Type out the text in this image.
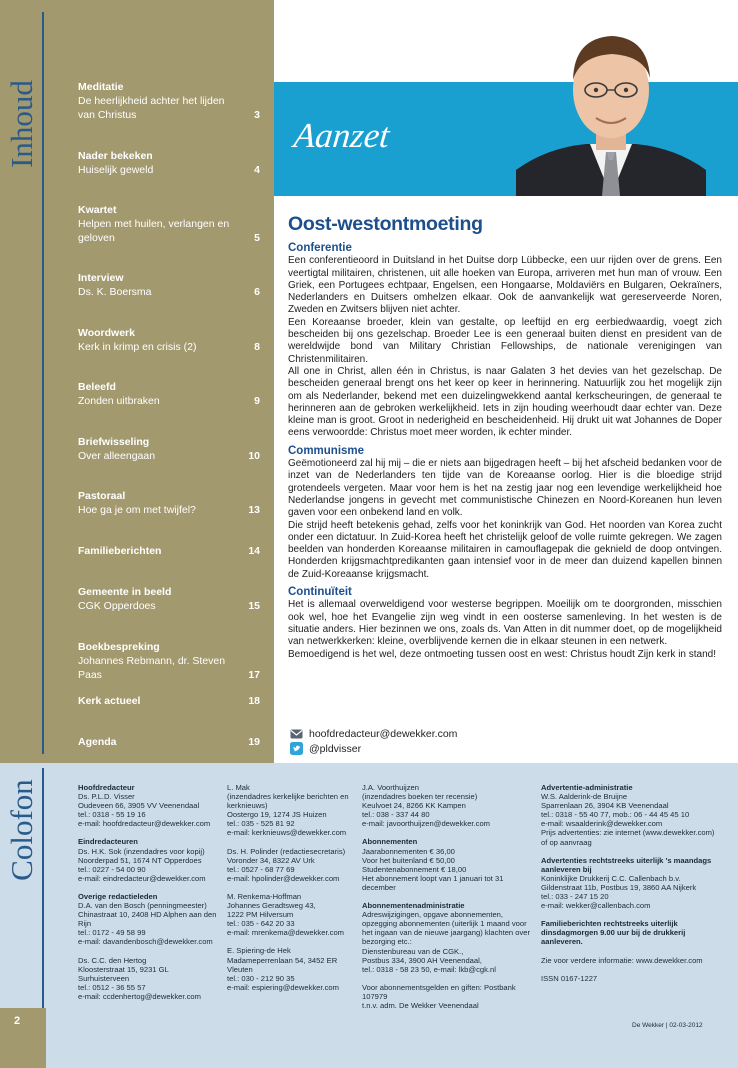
Inhoud	Meditatie
De heerlijkheid achter het lijden van Christus	3
Nader bekeken
Huiselijk geweld	4
Kwartet
Helpen met huilen, verlangen en geloven	5
Interview
Ds. K. Boersma	6
Woordwerk
Kerk in krimp en crisis (2)	8
Beleefd
Zonden uitbraken	9
Briefwisseling
Over alleengaan	10
Pastoraal
Hoe ga je om met twijfel?	13
Familieberichten	14
Gemeente in beeld
CGK Opperdoes	15
Boekbespreking
Johannes Rebmann, dr. Steven Paas	17
Kerk actueel	18
Agenda	19
Aanzet
Oost-westontmoeting
Conferentie

Een conferentieoord in Duitsland in het Duitse dorp Lübbecke, een uur rijden over de grens. Een veertigtal militairen, christenen, uit alle hoeken van Europa, arriveren met hun man of vrouw. Een Griek, een Portugees echtpaar, Engelsen, een Hongaarse, Moldaviërs en Bulgaren, Oekraïners, Nederlanders en Duitsers omhelzen elkaar. Ook de aanvankelijk wat gereserveerde Noren, Zweden en Zwitsers blijven niet achter.

Een Koreaanse broeder, klein van gestalte, op leeftijd en erg eerbiedwaardig, voegt zich bescheiden bij ons gezelschap. Broeder Lee is een generaal buiten dienst en president van de wereldwijde bond van Military Christian Fellowships, de nationale verenigingen van Christenmilitairen.

All one in Christ, allen één in Christus, is naar Galaten 3 het devies van het gezelschap. De bescheiden generaal brengt ons het keer op keer in herinnering. Natuurlijk zou het mogelijk zijn om als Nederlander, bekend met een duizelingwekkend aantal kerkscheuringen, de generaal te herinneren aan de gebroken werkelijkheid. Iets in zijn houding weerhoudt daar echter van. Deze kleine man is groot. Groot in nederigheid en bescheidenheid. Hij drukt uit wat Johannes de Doper eens verwoordde: Christus moet meer worden, ik echter minder.

Communisme

Geëmotioneerd zal hij mij – die er niets aan bijgedragen heeft – bij het afscheid bedanken voor de inzet van de Nederlanders ten tijde van de Koreaanse oorlog. Hier is die bloedige strijd grotendeels vergeten. Maar voor hem is het na zestig jaar nog een levendige werkelijkheid hoe Nederlandse jongens in gevecht met communistische Chinezen en Noord-Koreanen hun leven gaven voor een onbekend land en volk.

Die strijd heeft betekenis gehad, zelfs voor het koninkrijk van God. Het noorden van Korea zucht onder een dictatuur. In Zuid-Korea heeft het christelijk geloof de volle ruimte gekregen. We zagen beelden van honderden Koreaanse militairen in camouflagepak die geknield de doop ontvingen. Honderden krijgsmachtpredikanten gaan intensief voor in de meer dan duizend kapellen binnen de Zuid-Koreaanse krijgsmacht.

Continuïteit

Het is allemaal overweldigend voor westerse begrippen. Moeilijk om te doorgronden, misschien ook wel, hoe het Evangelie zijn weg vindt in een oosterse samenleving. In het westen is de situatie anders. Hier bezinnen we ons, zoals ds. Van Atten in dit nummer doet, op de mogelijkheid van netwerkkerken: kleine, overblijvende kernen die in elkaar steunen in een netwerk.

Bemoedigend is het wel, deze ontmoeting tussen oost en west: Christus houdt Zijn kerk in stand!

hoofdredacteur@dewekker.com
@pldvisser
Colofon	Hoofdredacteur
Ds. P.L.D. Visser
Oudeveen 66, 3905 VV Veenendaal
tel.: 0318 - 55 19 16
e-mail: hoofdredacteur@dewekker.com
Eindredacteuren
Ds. H.K. Sok (inzendadres voor kopij)
Noorderpad 51, 1674 NT Opperdoes
tel.: 0227 - 54 00 90
e-mail: eindredacteur@dewekker.com
Overige redactieleden
D.A. van den Bosch (penningmeester)
Chinastraat 10, 2408 HD Alphen aan den Rijn
tel.: 0172 - 49 58 99
e-mail: davandenbosch@dewekker.com
Ds. C.C. den Hertog
Kloosterstraat 15, 9231 GL Surhuisterveen
tel.: 0512 - 36 55 57
e-mail: ccdenhertog@dewekker.com
L. Mak
(inzendadres kerkelijke berichten en kerknieuws)
Oostergo 19, 1274 JS Huizen
tel.: 035 - 525 81 92
e-mail: kerknieuws@dewekker.com
Ds. H. Polinder (redactiesecretaris)
Voronder 34, 8322 AV Urk
tel.: 0527 - 68 77 69
e-mail: hpolinder@dewekker.com
M. Renkema-Hoffman
Johannes Geradtsweg 43,
1222 PM Hilversum
tel.: 035 - 642 20 33
e-mail: mrenkema@dewekker.com
E. Spiering-de Hek
Madameperrenlaan 54, 3452 ER Vleuten
tel.: 030 - 212 90 35
e-mail: espiering@dewekker.com
J.A. Voorthuijzen
(inzendadres boeken ter recensie)
Keulvoet 24, 8266 KK Kampen
tel.: 038 - 337 44 80
e-mail: javoorthuijzen@dewekker.com
Abonnementen
Jaarabonnementen € 36,00
Voor het buitenland € 50,00
Studentenabonnement € 18,00
Het abonnement loopt van 1 januari tot 31 december
Abonnementenadministratie
Adreswijzigingen, opgave abonnementen, opzegging abonnementen (uiterlijk 1 maand voor het ingaan van de nieuwe jaargang) klachten over bezorging etc.:
Dienstenbureau van de CGK.,
Postbus 334, 3900 AH Veenendaal,
tel.: 0318 - 58 23 50, e-mail: lkb@cgk.nl
Voor abonnementsgelden en giften: Postbank 107979
t.n.v. adm. De Wekker Veenendaal
Advertentie-administratie
W.S. Aalderink-de Bruijne
Sparrenlaan 26, 3904 KB Veenendaal
tel.: 0318 - 55 40 77, mob.: 06 - 44 45 45 10
e-mail: wsaalderink@dewekker.com
Prijs advertenties: zie internet (www.dewekker.com) of op aanvraag
Advertenties rechtstreeks uiterlijk 's maandags aanleveren bij
Koninklijke Drukkerij C.C. Callenbach b.v.
Gildenstraat 11b, Postbus 19, 3860 AA Nijkerk
tel.: 033 - 247 15 20
e-mail: wekker@callenbach.com
Familieberichten rechtstreeks uiterlijk dinsdagmorgen 9.00 uur bij de drukkerij aanleveren.
Zie voor verdere informatie: www.dewekker.com
ISSN 0167-1227
2	De Wekker | 02-03-2012
